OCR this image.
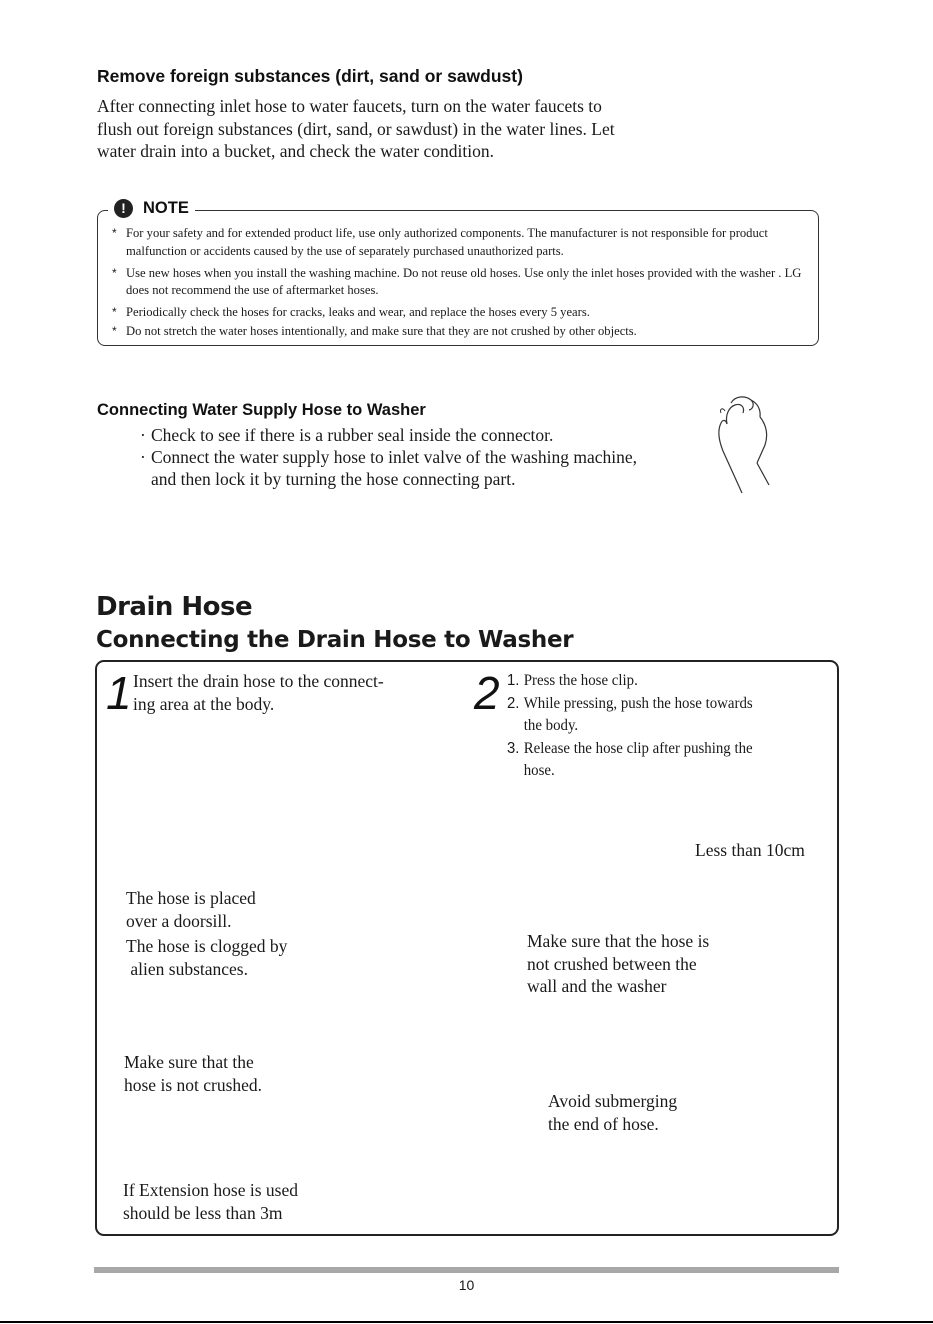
Remove foreign substances (dirt, sand or sawdust)
After connecting inlet hose to water faucets, turn on the water faucets to
flush out foreign substances (dirt, sand, or sawdust) in the water lines. Let
water drain into a bucket, and check the water condition.
!	NOTE
* For your safety and for extended product life, use only authorized components. The manufacturer is not responsible for product malfunction or accidents caused by the use of separately purchased unauthorized parts.
* Use new hoses when you install the washing machine. Do not reuse old hoses. Use only the inlet hoses provided with the washer . LG does not recommend the use of aftermarket hoses.
* Periodically check the hoses for cracks, leaks and wear, and replace the hoses every 5 years.
* Do not stretch the water hoses intentionally, and make sure that they are not crushed by other objects.
Connecting Water Supply Hose to Washer
· Check to see if there is a rubber seal inside the connector.
· Connect the water supply hose to inlet valve of the washing machine,
and then lock it by turning the hose connecting part.
Drain Hose
Connecting the Drain Hose to Washer
1 Insert the drain hose to the connect-
ing area at the body.	2 1. Press the hose clip.
2. While pressing, push the hose towards
the body.
3. Release the hose clip after pushing the
hose.
Less than 10cm
The hose is placed
over a doorsill.
The hose is clogged by
alien substances.
Make sure that the hose is
not crushed between the
wall and the washer
Make sure that the
hose is not crushed.
Avoid submerging
the end of hose.
If Extension hose is used
should be less than 3m
10
